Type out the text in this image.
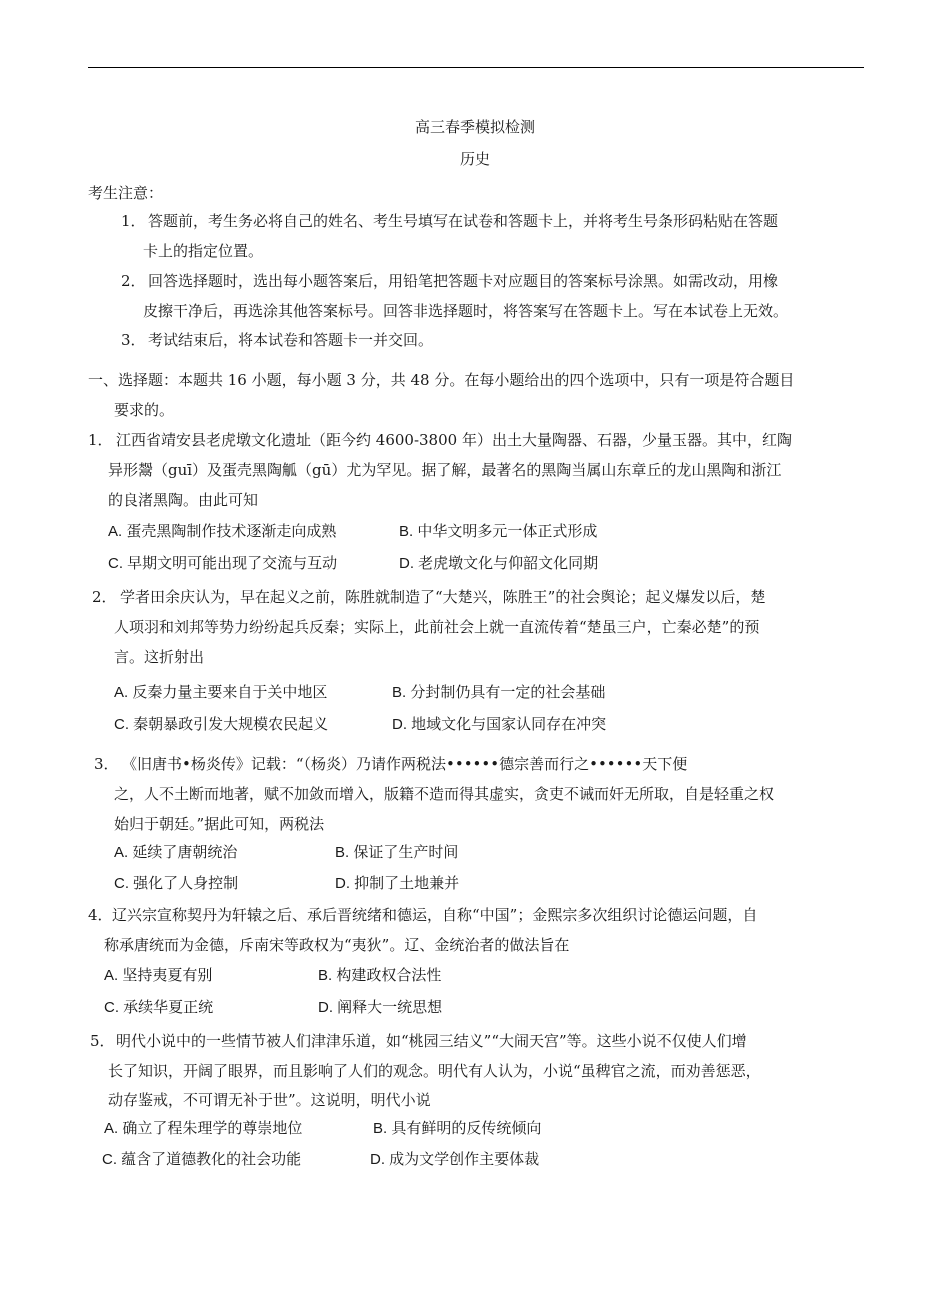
高三春季模拟检测
历史
考生注意：
1． 答题前，考生务必将自己的姓名、考生号填写在试卷和答题卡上，并将考生号条形码粘贴在答题
卡上的指定位置。
2． 回答选择题时，选出每小题答案后，用铅笔把答题卡对应题目的答案标号涂黑。如需改动，用橡
皮擦干净后，再选涂其他答案标号。回答非选择题时，将答案写在答题卡上。写在本试卷上无效。
3． 考试结束后，将本试卷和答题卡一并交回。
一、选择题：本题共 16 小题，每小题 3 分，共 48 分。在每小题给出的四个选项中，只有一项是符合题目
要求的。
1． 江西省靖安县老虎墩文化遗址（距今约 4600-3800 年）出土大量陶器、石器，少量玉器。其中，红陶
异形鬶（guī）及蛋壳黑陶觚（gū）尤为罕见。据了解，最著名的黑陶当属山东章丘的龙山黑陶和浙江
的良渚黑陶。由此可知
A. 蛋壳黑陶制作技术逐渐走向成熟	B. 中华文明多元一体正式形成
C. 早期文明可能出现了交流与互动	D. 老虎墩文化与仰韶文化同期
2． 学者田余庆认为，早在起义之前，陈胜就制造了“大楚兴，陈胜王”的社会舆论；起义爆发以后，楚
人项羽和刘邦等势力纷纷起兵反秦；实际上，此前社会上就一直流传着“楚虽三户，亡秦必楚”的预
言。这折射出
A. 反秦力量主要来自于关中地区	B. 分封制仍具有一定的社会基础
C. 秦朝暴政引发大规模农民起义	D. 地域文化与国家认同存在冲突
3． 《旧唐书•杨炎传》记载：“（杨炎）乃请作两税法••••••德宗善而行之••••••天下便
之，人不土断而地著，赋不加敛而增入，版籍不造而得其虚实，贪吏不诫而奸无所取，自是轻重之权
始归于朝廷。”据此可知，两税法
A. 延续了唐朝统治	B. 保证了生产时间
C. 强化了人身控制	D. 抑制了土地兼并
4． 辽兴宗宣称契丹为轩辕之后、承后晋统绪和德运，自称“中国”；金熙宗多次组织讨论德运问题，自
称承唐统而为金德，斥南宋等政权为“夷狄”。辽、金统治者的做法旨在
A. 坚持夷夏有别	B. 构建政权合法性
C. 承续华夏正统	D. 阐释大一统思想
5． 明代小说中的一些情节被人们津津乐道，如“桃园三结义”“大闹天宫”等。这些小说不仅使人们增
长了知识，开阔了眼界，而且影响了人们的观念。明代有人认为，小说“虽稗官之流，而劝善惩恶，
动存鉴戒，不可谓无补于世”。这说明，明代小说
A. 确立了程朱理学的尊崇地位	B. 具有鲜明的反传统倾向
C. 蕴含了道德教化的社会功能	D. 成为文学创作主要体裁
